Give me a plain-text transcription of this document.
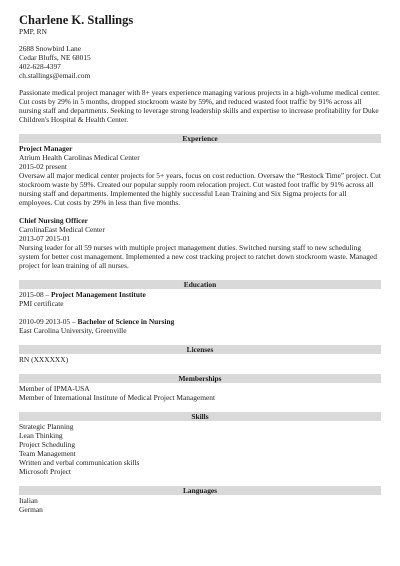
Charlene K. Stallings
PMP, RN
2688 Snowbird Lane
Cedar Bluffs, NE 68015
402-628-4397
ch.stallings@email.com

Passionate medical project manager with 8+ years experience managing various projects in a high-volume medical center. Cut costs by 29% in 5 months, dropped stockroom waste by 59%, and reduced wasted foot traffic by 91% across all nursing staff and departments. Seeking to leverage strong leadership skills and expertise to increase profitability for Duke Children's Hospital & Health Center.

Experience
Project Manager
Atrium Health Carolinas Medical Center
2015-02 present

Oversaw all major medical center projects for 5+ years, focus on cost reduction. Oversaw the “Restock Time” project. Cut stockroom waste by 59%. Created our popular supply room relocation project. Cut wasted foot traffic by 91% across all nursing staff and departments. Implemented the highly successful Lean Training and Six Sigma projects for all employees. Cut costs by 29% in less than five months.

Chief Nursing Officer
CarolinaEast Medical Center
2013-07 2015-01

Nursing leader for all 59 nurses with multiple project management duties. Switched nursing staff to new scheduling system for better cost management. Implemented a new cost tracking project to ratchet down stockroom waste. Managed project for lean training of all nurses.

Education
2015-08 – Project Management Institute
PMI certificate
2010-09 2013-05 – Bachelor of Science in Nursing
East Carolina University, Greenville
Licenses
RN (XXXXXX)
Memberships
Member of IPMA-USA
Member of International Institute of Medical Project Management
Skills
Strategic Planning
Lean Thinking
Project Scheduling
Team Management
Written and verbal communication skills
Microsoft Project
Languages
Italian
German
